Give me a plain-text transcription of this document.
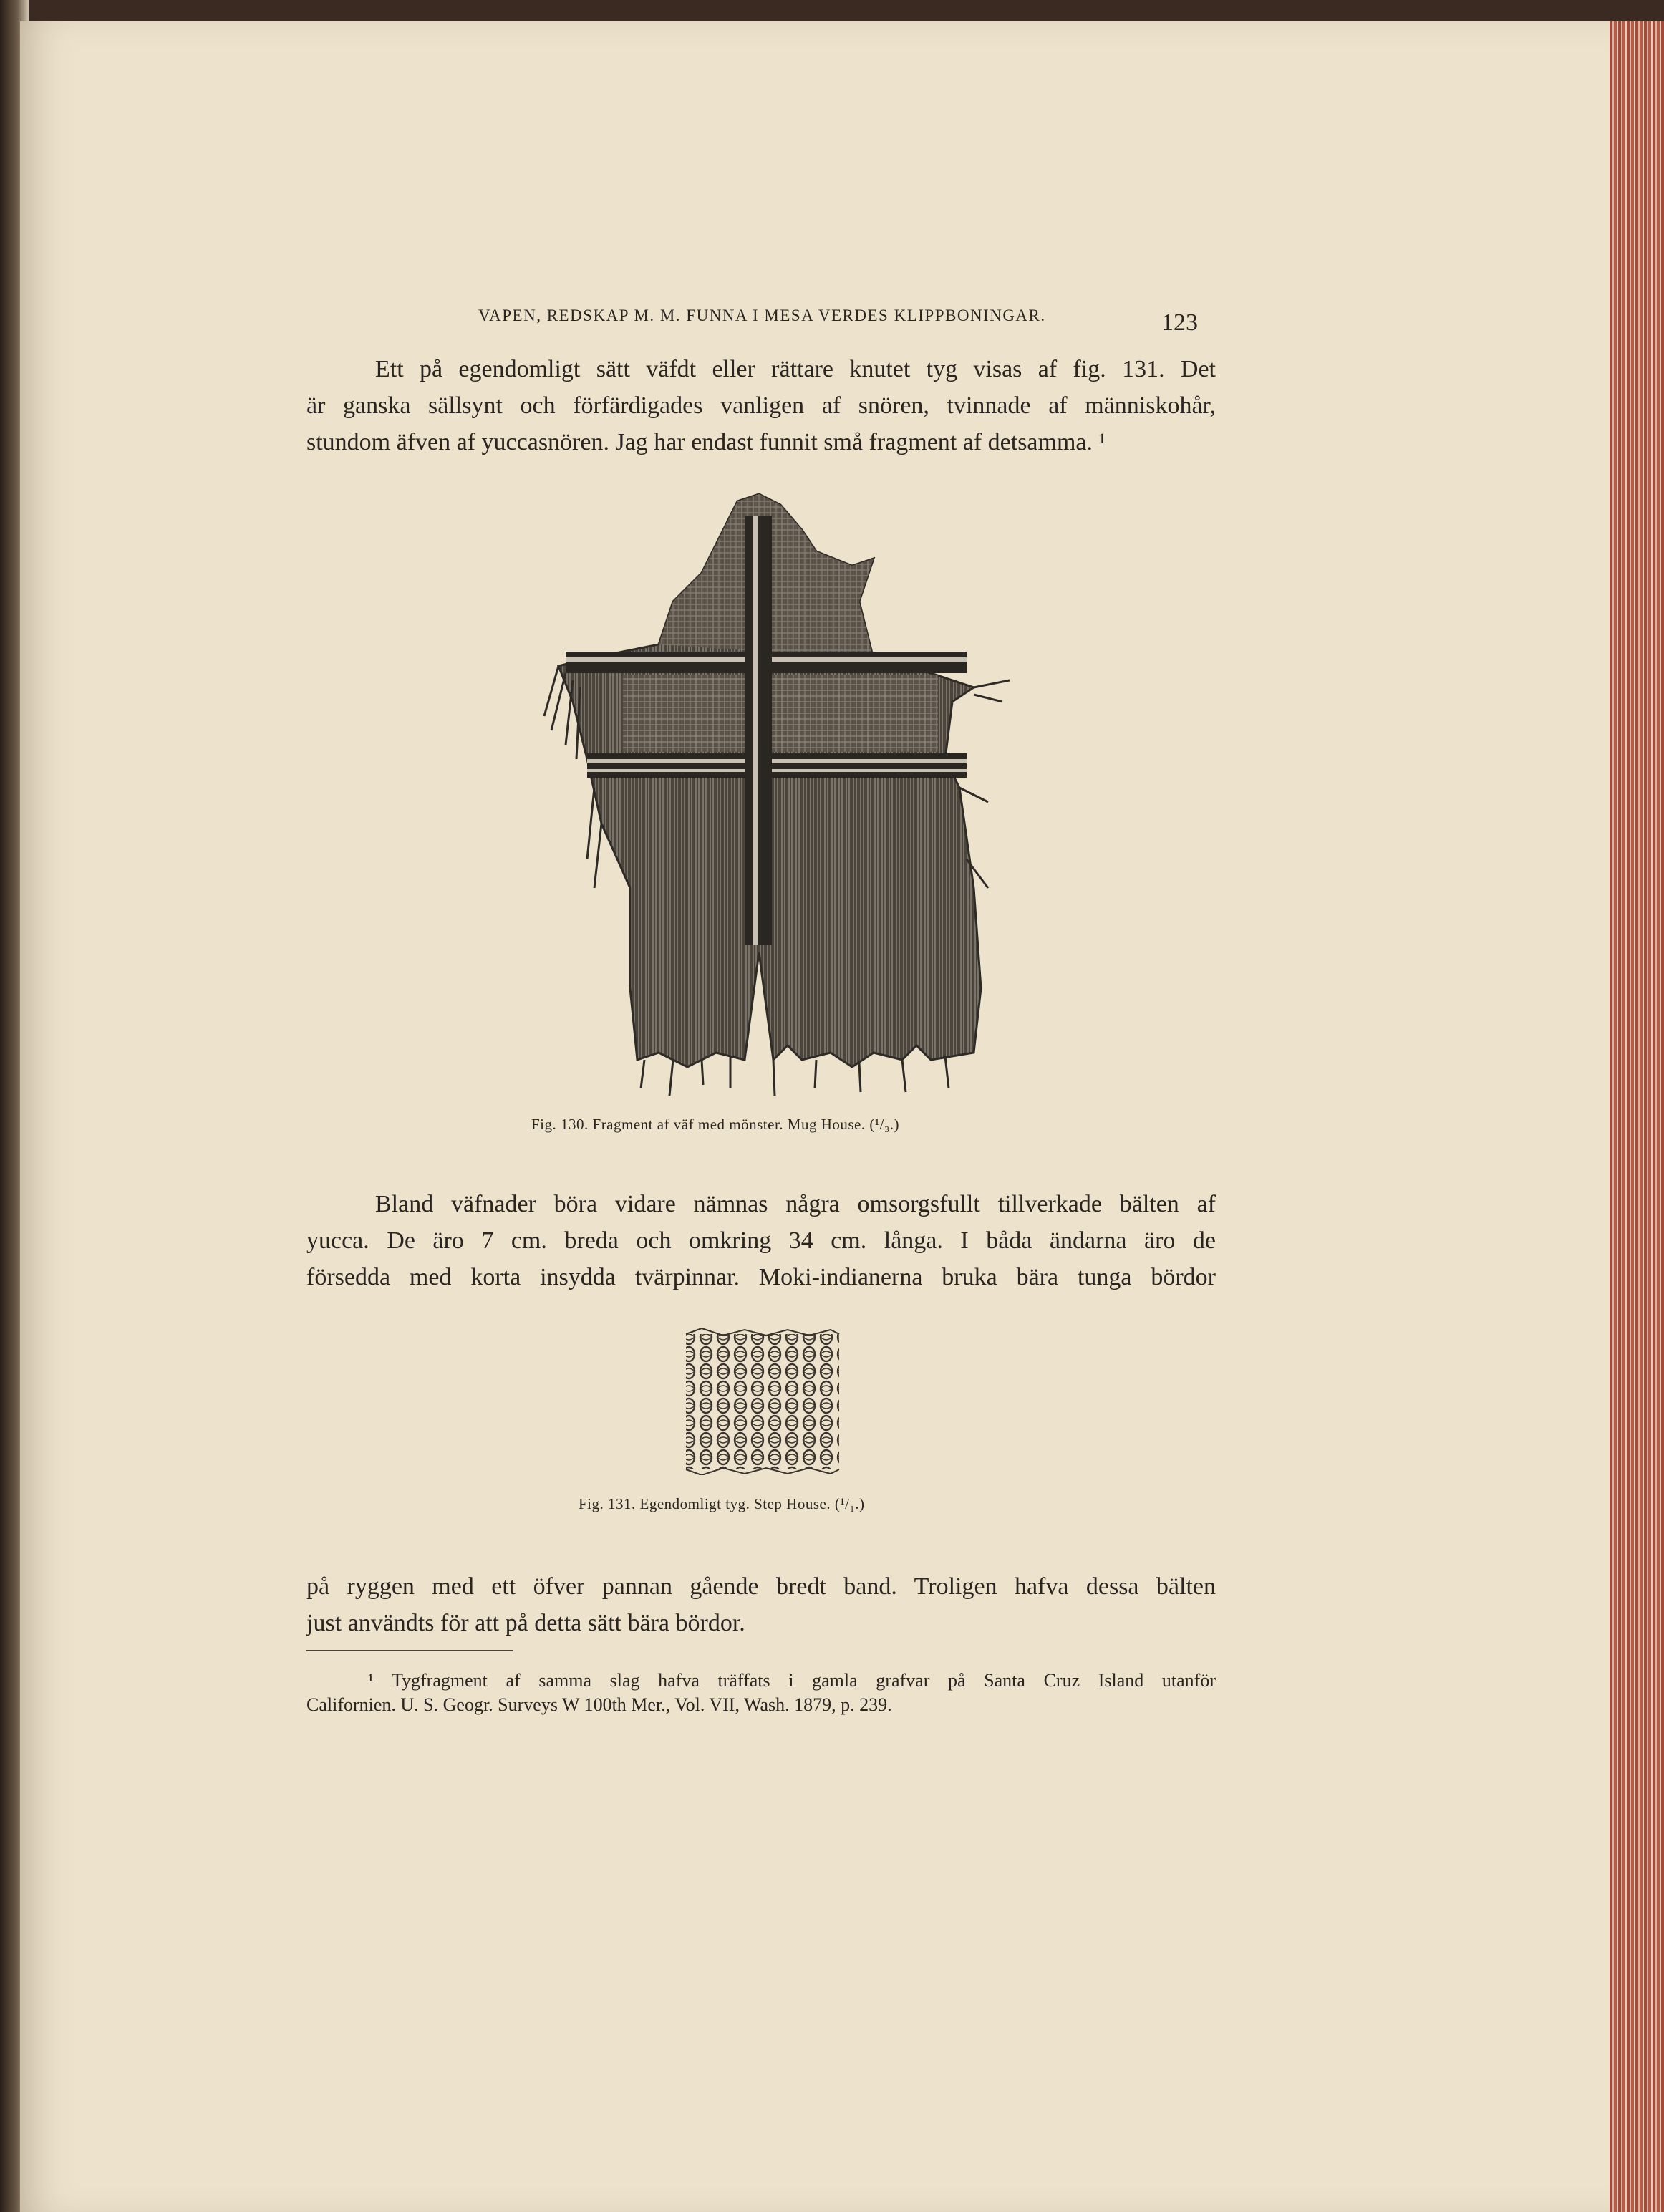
VAPEN, REDSKAP M. M. FUNNA I MESA VERDES KLIPPBONINGAR.	123
Ett på egendomligt sätt väfdt eller rättare knutet tyg visas af fig. 131. Det
är ganska sällsynt och förfärdigades vanligen af snören, tvinnade af människohår,
stundom äfven af yuccasnören. Jag har endast funnit små fragment af detsamma. ¹
Fig. 130. Fragment af väf med mönster. Mug House. (¹/₃.)
Bland väfnader böra vidare nämnas några omsorgsfullt tillverkade bälten af
yucca. De äro 7 cm. breda och omkring 34 cm. långa. I båda ändarna äro de
försedda med korta insydda tvärpinnar. Moki-indianerna bruka bära tunga bördor
Fig. 131. Egendomligt tyg. Step House. (¹/₁.)
på ryggen med ett öfver pannan gående bredt band. Troligen hafva dessa bälten
just användts för att på detta sätt bära bördor.
¹ Tygfragment af samma slag hafva träffats i gamla grafvar på Santa Cruz Island utanför
Californien. U. S. Geogr. Surveys W 100th Mer., Vol. VII, Wash. 1879, p. 239.
